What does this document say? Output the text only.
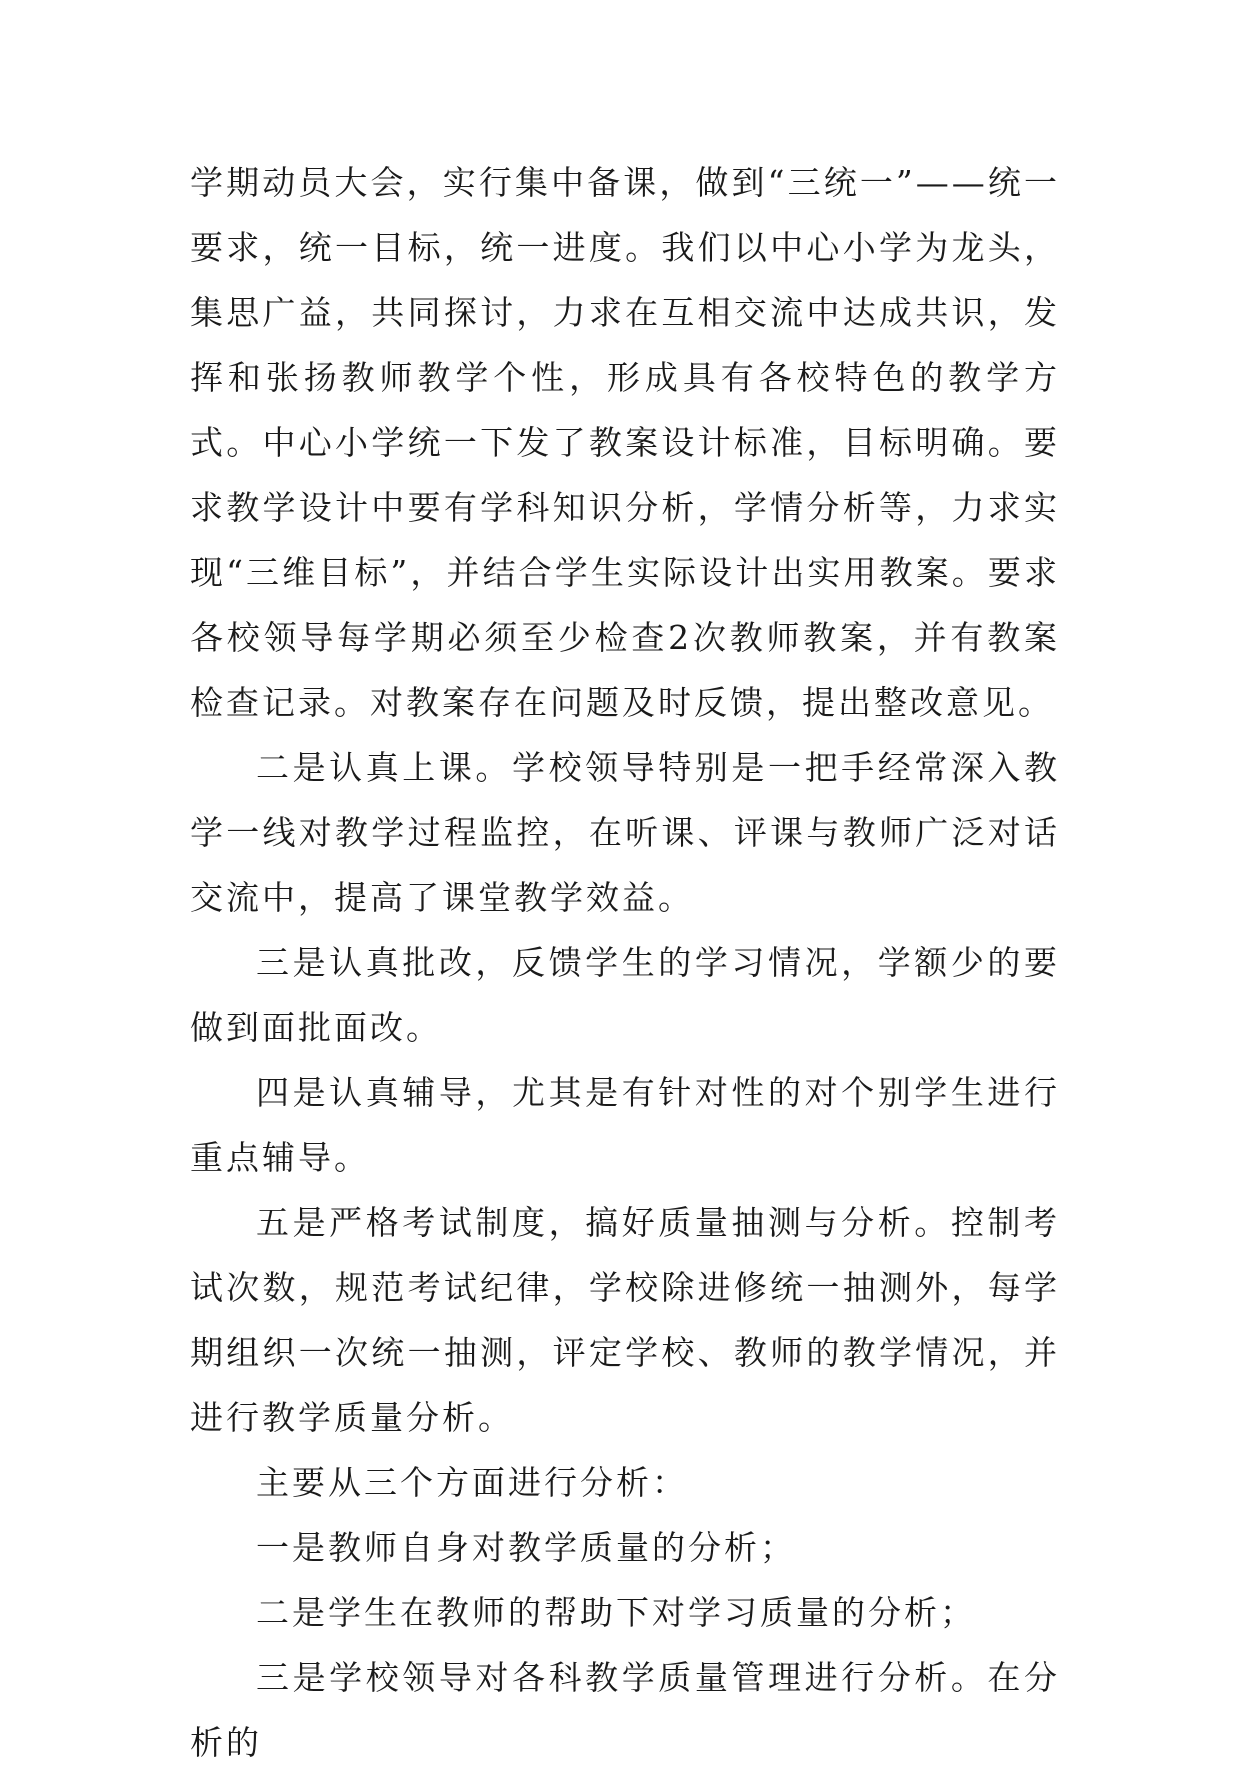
学期动员大会，实行集中备课，做到“三统一”——统一要求，统一目标，统一进度。我们以中心小学为龙头，集思广益，共同探讨，力求在互相交流中达成共识，发挥和张扬教师教学个性，形成具有各校特色的教学方式。中心小学统一下发了教案设计标准，目标明确。要求教学设计中要有学科知识分析，学情分析等，力求实现“三维目标”，并结合学生实际设计出实用教案。要求各校领导每学期必须至少检查2次教师教案，并有教案检查记录。对教案存在问题及时反馈，提出整改意见。

二是认真上课。学校领导特别是一把手经常深入教学一线对教学过程监控，在听课、评课与教师广泛对话交流中，提高了课堂教学效益。

三是认真批改，反馈学生的学习情况，学额少的要做到面批面改。

四是认真辅导，尤其是有针对性的对个别学生进行重点辅导。

五是严格考试制度，搞好质量抽测与分析。控制考试次数，规范考试纪律，学校除进修统一抽测外，每学期组织一次统一抽测，评定学校、教师的教学情况，并进行教学质量分析。

主要从三个方面进行分析：

一是教师自身对教学质量的分析；

二是学生在教师的帮助下对学习质量的分析；

三是学校领导对各科教学质量管理进行分析。在分析的
